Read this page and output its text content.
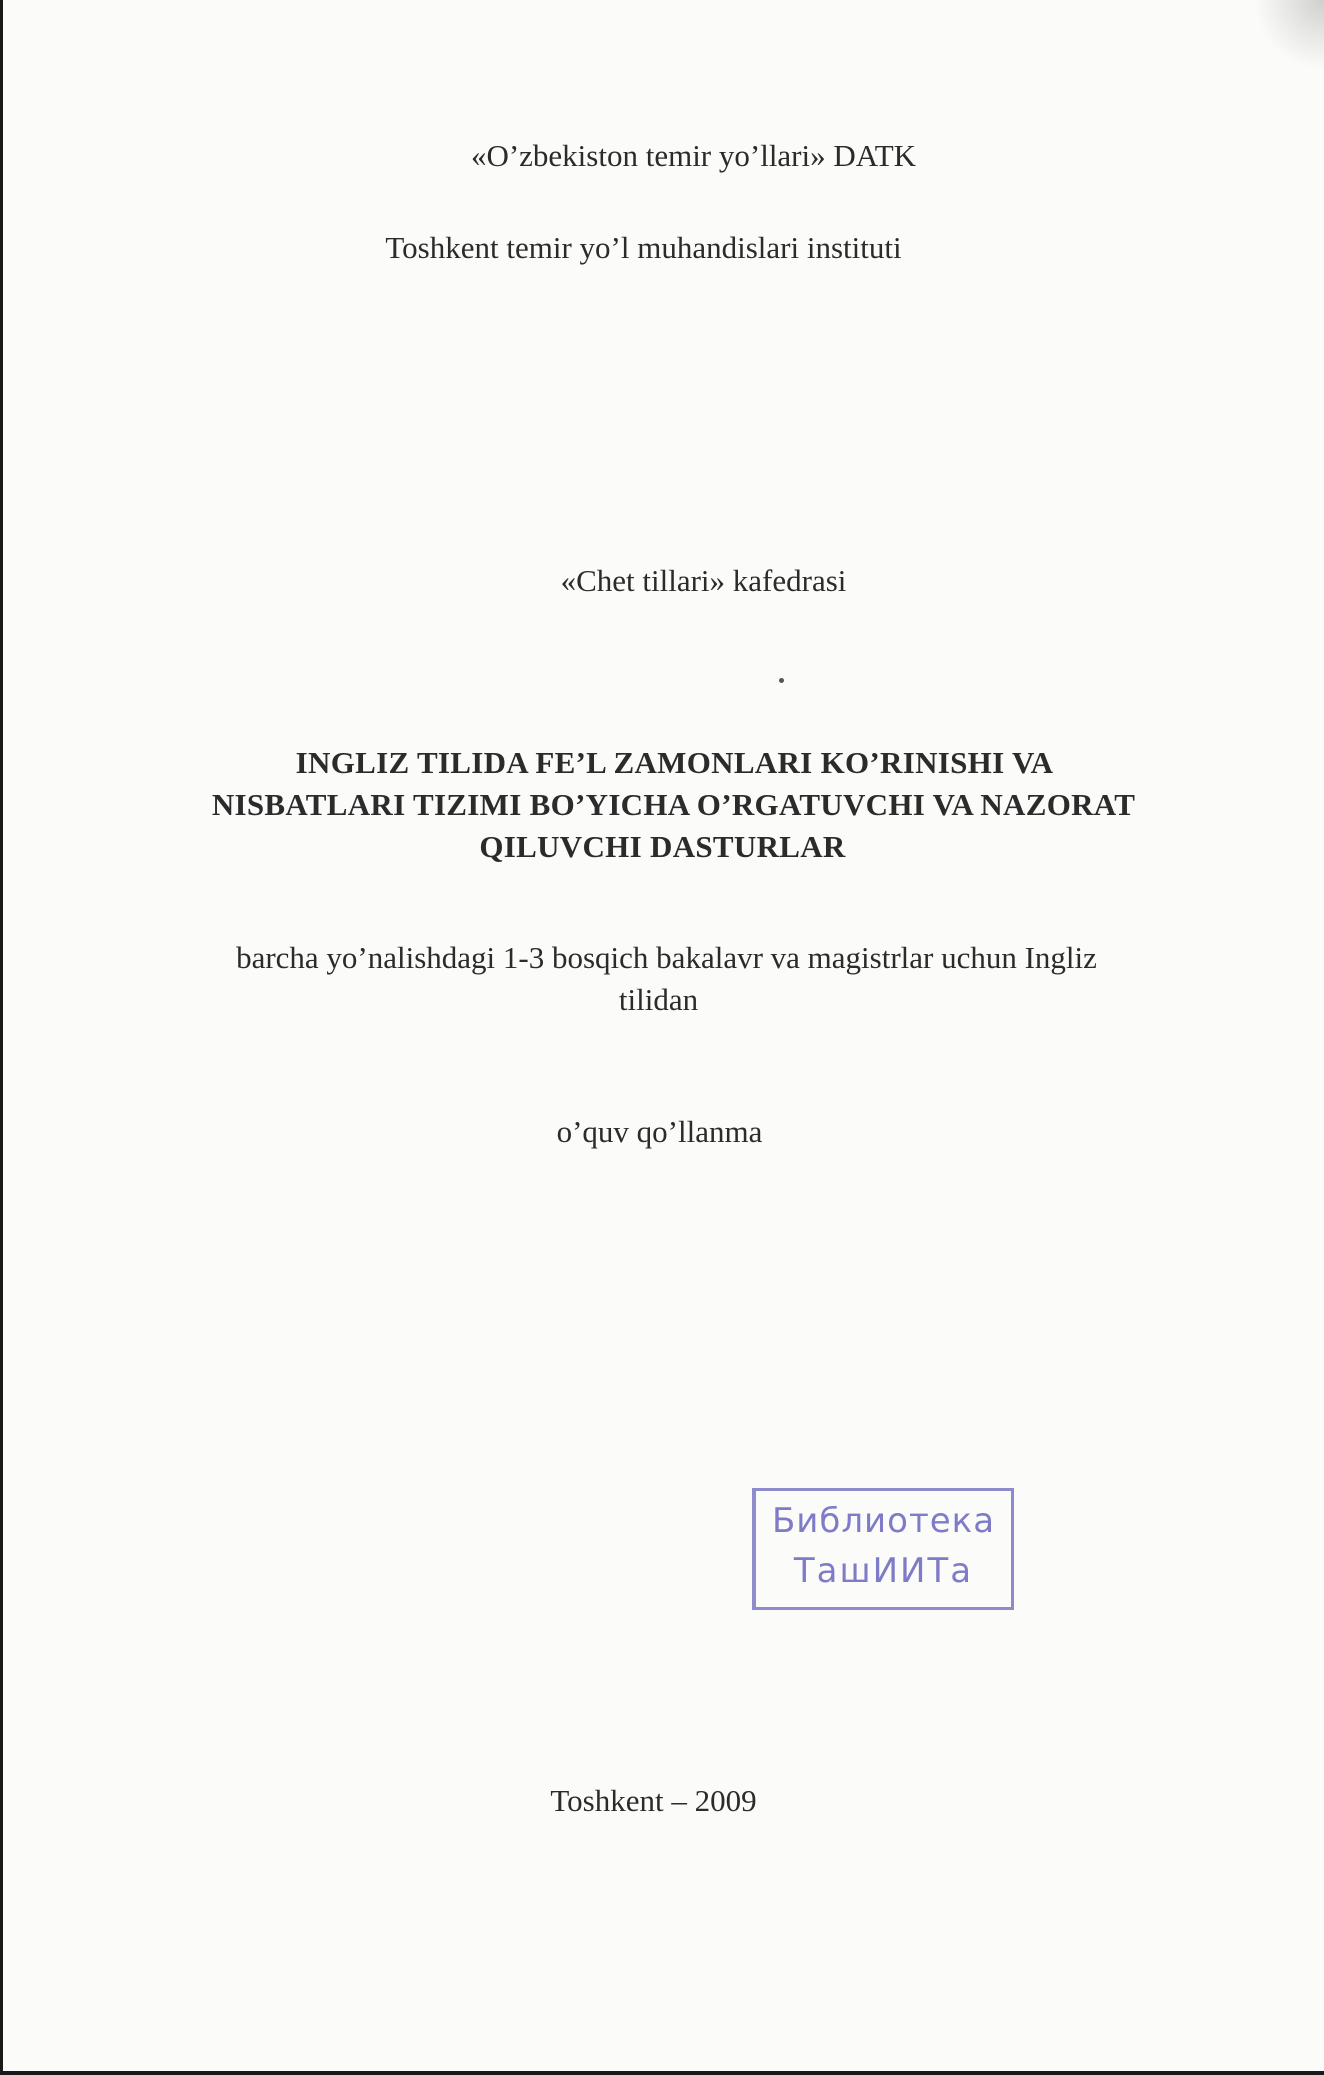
«O’zbekiston temir yo’llari» DATK
Toshkent temir yo’l muhandislari instituti
«Chet tillari» kafedrasi
INGLIZ TILIDA FE’L ZAMONLARI KO’RINISHI VA
NISBATLARI TIZIMI BO’YICHA O’RGATUVCHI VA NAZORAT
QILUVCHI DASTURLAR
barcha yo’nalishdagi 1-3 bosqich bakalavr va magistrlar uchun Ingliz
tilidan
o’quv qo’llanma
Библиотека
ТашИИТа
Toshkent – 2009
